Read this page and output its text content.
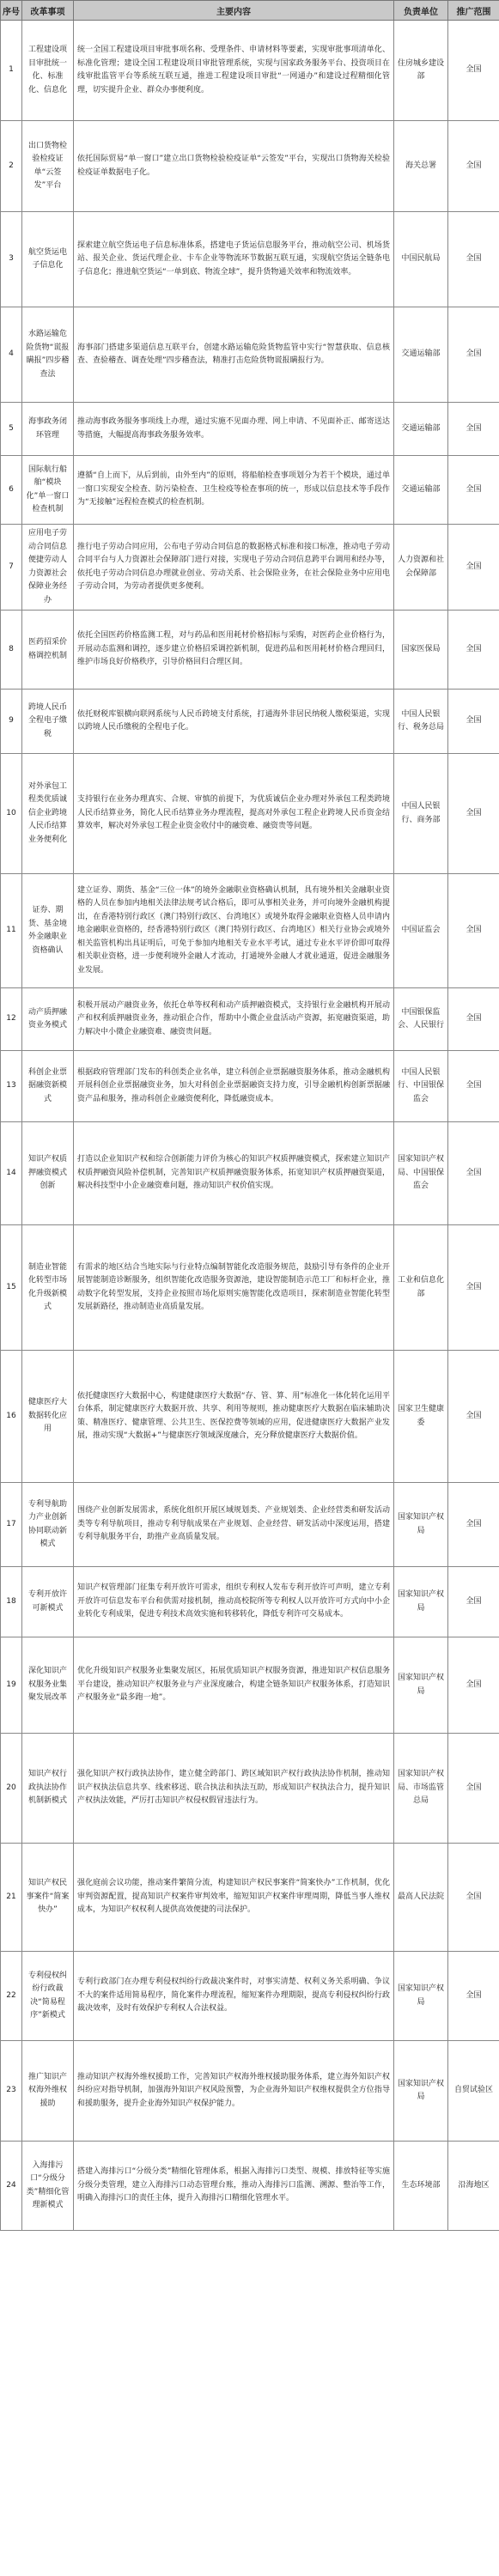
序号	改革事项	主要内容	负责单位	推广范围
1	工程建设项目审批统一化、标准化、信息化	统一全国工程建设项目审批事项名称、受理条件、申请材料等要素，实现审批事项清单化、标准化管理；建设全国工程建设项目审批管理系统，实现与国家政务服务平台、投资项目在线审批监管平台等系统互联互通，推进工程建设项目审批“一网通办”和建设过程精细化管理，切实提升企业、群众办事便利度。	住房城乡建设部	全国
2	出口货物检验检疫证单“云签发”平台	依托国际贸易“单一窗口”建立出口货物检验检疫证单“云签发”平台，实现出口货物海关检验检疫证单数据电子化。	海关总署	全国
3	航空货运电子信息化	探索建立航空货运电子信息标准体系，搭建电子货运信息服务平台，推动航空公司、机场货站、报关企业、货运代理企业、卡车企业等物流环节数据互联互通，实现航空货运全链条电子信息化；推进航空货运“一单到底、物流全球”，提升货物通关效率和物流效率。	中国民航局	全国
4	水路运输危险货物“谎报瞒报”四步稽查法	海事部门搭建多渠道信息互联平台，创建水路运输危险货物监管中实行“智慧获取、信息核查、查验稽查、调查处理”四步稽查法，精准打击危险货物谎报瞒报行为。	交通运输部	全国
5	海事政务闭环管理	推动海事政务服务事项线上办理，通过实施不见面办理、网上申请、不见面补正、邮寄送达等措施，大幅提高海事政务服务效率。	交通运输部	全国
6	国际航行船舶“模块化”单一窗口检查机制	遵循“自上而下，从后到前，由外至内”的原则，将船舶检查事项划分为若干个模块，通过单一窗口实现安全检查、防污染检查、卫生检疫等检查事项的统一，形成以信息技术等手段作为“无接触”远程检查模式的检查机制。	交通运输部	全国
7	应用电子劳动合同信息便捷劳动人力资源社会保障业务经办	推行电子劳动合同应用，公布电子劳动合同信息的数据格式标准和接口标准，推动电子劳动合同平台与人力资源社会保障部门进行对接，实现电子劳动合同信息跨平台调用和经办等，依托电子劳动合同信息办理就业创业、劳动关系、社会保险业务，在社会保险业务中应用电子劳动合同，为劳动者提供更多便利。	人力资源和社会保障部	全国
8	医药招采价格调控机制	依托全国医药价格监测工程，对与药品和医用耗材价格招标与采购，对医药企业价格行为，开展动态监测和调控，逐步建立价格招采调控新机制，促进药品和医用耗材价格合理回归，维护市场良好价格秩序，引导价格回归合理区间。	国家医保局	全国
9	跨境人民币全程电子缴税	依托财税库银横向联网系统与人民币跨境支付系统，打通海外非居民纳税人缴税渠道，实现以跨境人民币缴税的全程电子化。	中国人民银行、税务总局	全国
10	对外承包工程类优质诚信企业跨境人民币结算业务便利化	支持银行在业务办理真实、合规、审慎的前提下，为优质诚信企业办理对外承包工程类跨境人民币结算业务，简化人民币结算业务办理流程，提高对外承包工程企业跨境人民币资金结算效率，解决对外承包工程企业资金收付中的融资难、融资贵等问题。	中国人民银行、商务部	全国
11	证券、期货、基金境外金融职业资格确认	建立证券、期货、基金“三位一体”的境外金融职业资格确认机制，具有境外相关金融职业资格的人员在参加内地相关法律法规考试合格后，即可从事相关业务，并可向境外金融机构提出，在香港特别行政区（澳门特别行政区、台湾地区）或境外取得金融职业资格人员申请内地金融职业资格的，经香港特别行政区（澳门特别行政区、台湾地区）相关行业协会或境外相关监管机构出具证明后，可免于参加内地相关专业水平考试，通过专业水平评价即可取得相关职业资格，进一步便利境外金融人才流动，打通境外金融人才就业通道，促进金融服务业发展。	中国证监会	全国
12	动产质押融资业务模式	积极开展动产融资业务，依托仓单等权利和动产质押融资模式，支持银行业金融机构开展动产和权利质押融资业务，推动银企合作，帮助中小微企业盘活动产资源，拓宽融资渠道，助力解决中小微企业融资难、融资贵问题。	中国银保监会、人民银行	全国
13	科创企业票据融资新模式	根据政府管理部门发布的科创类企业名单，建立科创企业票据融资服务体系，推动金融机构开展科创企业票据融资业务，加大对科创企业票据融资支持力度，引导金融机构创新票据融资产品和服务，推动科创企业融资便利化，降低融资成本。	中国人民银行、中国银保监会	全国
14	知识产权质押融资模式创新	打造以企业知识产权和综合创新能力评价为核心的知识产权质押融资模式，探索建立知识产权质押融资风险补偿机制，完善知识产权质押融资服务体系，拓宽知识产权质押融资渠道，解决科技型中小企业融资难问题，推动知识产权价值实现。	国家知识产权局、中国银保监会	全国
15	制造业智能化转型市场化升级新模式	有需求的地区结合当地实际与行业特点编制智能化改造服务规范，鼓励引导有条件的企业开展智能制造诊断服务，组织智能化改造服务资源池，建设智能制造示范工厂和标杆企业，推动数字化转型发展，支持企业按照市场化原则实施智能化改造项目，探索制造业智能化转型发展新路径，推动制造业高质量发展。	工业和信息化部	全国
16	健康医疗大数据转化应用	依托健康医疗大数据中心，构建健康医疗大数据“存、管、算、用”标准化一体化转化运用平台体系，制定健康医疗大数据开放、共享、利用等规则，推动健康医疗大数据在临床辅助决策、精准医疗、健康管理、公共卫生、医保控费等领域的应用，促进健康医疗大数据产业发展，推动实现“大数据+”与健康医疗领域深度融合，充分释放健康医疗大数据价值。	国家卫生健康委	全国
17	专利导航助力产业创新协同联动新模式	围绕产业创新发展需求，系统化组织开展区域规划类、产业规划类、企业经营类和研发活动类等专利导航项目，推动专利导航成果在产业规划、企业经营、研发活动中深度运用，搭建专利导航服务平台，助推产业高质量发展。	国家知识产权局	全国
18	专利开放许可新模式	知识产权管理部门征集专利开放许可需求，组织专利权人发布专利开放许可声明，建立专利开放许可信息发布平台和供需对接机制，推动高校院所等专利权人以开放许可方式向中小企业转化专利成果，促进专利技术高效实施和转移转化，降低专利许可交易成本。	国家知识产权局	全国
19	深化知识产权服务业集聚发展改革	优化升级知识产权服务业集聚发展区，拓展优质知识产权服务资源，推进知识产权信息服务平台建设，推动知识产权服务业与产业深度融合，构建全链条知识产权服务体系，打造知识产权服务业“最多跑一地”。	国家知识产权局	全国
20	知识产权行政执法协作机制新模式	强化知识产权行政执法协作，建立健全跨部门、跨区域知识产权行政执法协作机制，推动知识产权执法信息共享、线索移送、联合执法和执法互助，形成知识产权执法合力，提升知识产权执法效能，严厉打击知识产权侵权假冒违法行为。	国家知识产权局、市场监管总局	全国
21	知识产权民事案件“简案快办”	强化庭前会议功能，推动案件繁简分流，构建知识产权民事案件“简案快办”工作机制，优化审判资源配置，提高知识产权案件审判效率，缩短知识产权案件审理周期，降低当事人维权成本，为知识产权权利人提供高效便捷的司法保护。	最高人民法院	全国
22	专利侵权纠纷行政裁决“简易程序”新模式	专利行政部门在办理专利侵权纠纷行政裁决案件时，对事实清楚、权利义务关系明确、争议不大的案件适用简易程序，简化案件办理流程，缩短案件办理期限，提高专利侵权纠纷行政裁决效率，及时有效保护专利权人合法权益。	国家知识产权局	全国
23	推广知识产权海外维权援助	推动知识产权海外维权援助工作，完善知识产权海外维权援助服务体系，建立海外知识产权纠纷应对指导机制，加强海外知识产权风险预警，为企业海外知识产权维权提供全方位指导和援助服务，提升企业海外知识产权保护能力。	国家知识产权局	自贸试验区
24	入海排污口“分级分类”精细化管理新模式	搭建入海排污口“分级分类”精细化管理体系，根据入海排污口类型、规模、排放特征等实施分级分类管理，建立入海排污口动态管理台账，推动入海排污口监测、溯源、整治等工作，明确入海排污口的责任主体，提升入海排污口精细化管理水平。	生态环境部	沿海地区
